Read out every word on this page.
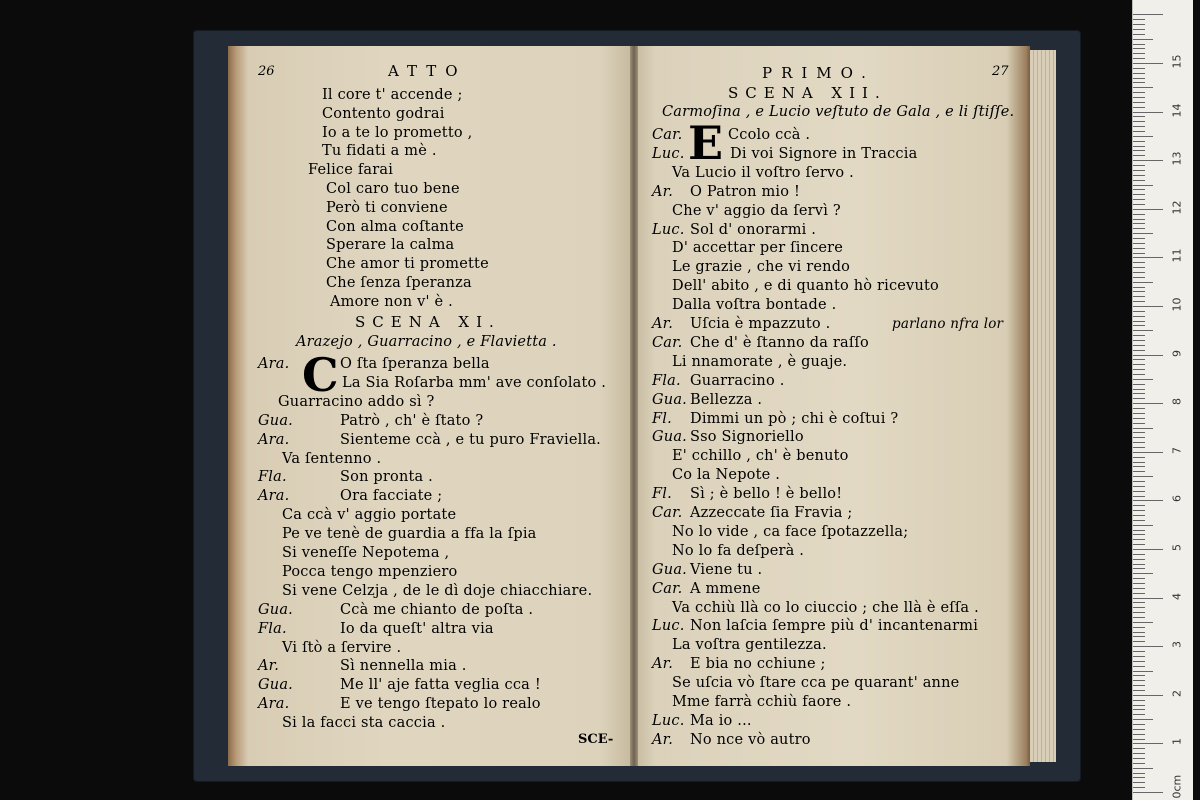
26	ATTO
Il core t' accende ;
Contento godrai
Io a te lo prometto ,
Tu fidati a mè .
Felice farai
Col caro tuo bene
Però ti conviene
Con alma coſtante
Sperare la calma
Che amor ti promette
Che ſenza ſperanza
Amore non v' è .
SCENA XI.
Arazejo , Guarracino , e Flavietta .
C
Ara.	O ſta ſperanza bella
La Sia Roſarba mm' ave conſolato .
Guarracino addo sì ?
Gua.	Patrò , ch' è ſtato ?
Ara.	Sienteme ccà , e tu puro Fraviella.
Va ſentenno .
Fla.	Son pronta .
Ara.	Ora facciate ;
Ca ccà v' aggio portate
Pe ve tenè de guardia a ffa la ſpia
Si veneſſe Nepotema ,
Pocca tengo mpenziero
Si vene Celzja , de le dì doje chiacchiare.
Gua.	Ccà me chianto de poſta .
Fla.	Io da queſt' altra via
Vi ſtò a ſervire .
Ar.	Sì nennella mia .
Gua.	Me ll' aje fatta veglia cca !
Ara.	E ve tengo ſtepato lo realo
Si la facci sta caccia .
SCE-
PRIMO.	27
SCENA XII.
Carmoſina , e Lucio veſtuto de Gala , e li ſtiſſe.
E
Car.	Ccolo ccà .
Luc.	Di voi Signore in Traccia
Va Lucio il voſtro ſervo .
Ar. O Patron mio !
Che v' aggio da ſervì ?
Luc. Sol d' onorarmi .
D' accettar per ſincere
Le grazie , che vi rendo
Dell' abito , e di quanto hò ricevuto
Dalla voſtra bontade .
Ar. Uſcia è mpazzuto .
Car. Che d' è ſtanno da raſſo
Li nnamorate , è guaje.
Fla. Guarracino .
Gua. Bellezza .
Fl. Dimmi un pò ; chi è coſtui ?
Gua. Sso Signoriello
E' cchillo , ch' è benuto
Co la Nepote .
Fl. Sì ; è bello ! è bello!
Car. Azzeccate ſia Fravia ;
No lo vide , ca face ſpotazzella;
No lo fa deſperà .
Gua. Viene tu .
Car. A mmene
Va cchiù llà co lo ciuccio ; che llà è eſſa .
Luc. Non laſcia ſempre più d' incantenarmi
La voſtra gentilezza.
Ar. E bia no cchiune ;
Se uſcia vò ſtare cca pe quarant' anne
Mme farrà cchiù faore .
Luc. Ma io ...
Ar. No nce vò autro
parlano nfra lor
0cm
1
2
3
4
5
6
7
8
9
10
11
12
13
14
15
